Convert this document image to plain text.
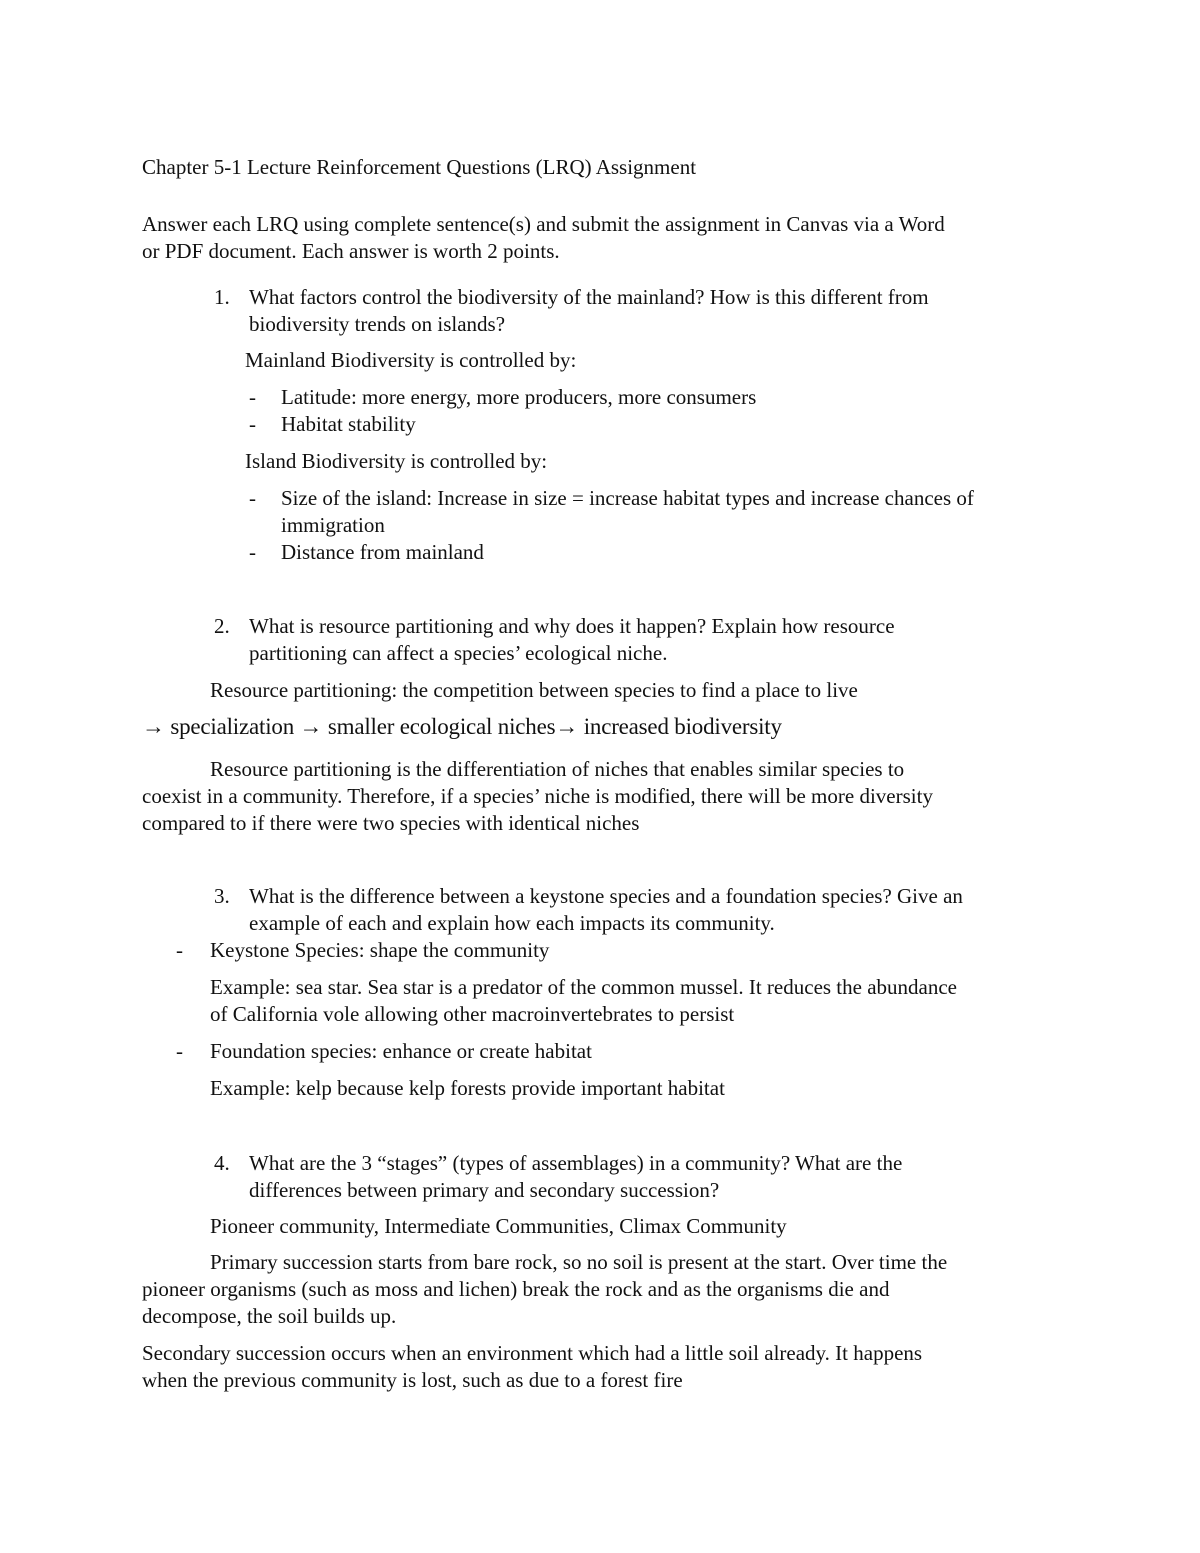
Chapter 5-1 Lecture Reinforcement Questions (LRQ) Assignment

Answer each LRQ using complete sentence(s) and submit the assignment in Canvas via a Word

or PDF document. Each answer is worth 2 points.

1. What factors control the biodiversity of the mainland? How is this different from

biodiversity trends on islands?

Mainland Biodiversity is controlled by:

- Latitude: more energy, more producers, more consumers

- Habitat stability

Island Biodiversity is controlled by:

- Size of the island: Increase in size = increase habitat types and increase chances of

immigration

- Distance from mainland

2. What is resource partitioning and why does it happen? Explain how resource

partitioning can affect a species’ ecological niche.

Resource partitioning: the competition between species to find a place to live

→ specialization → smaller ecological niches→ increased biodiversity

Resource partitioning is the differentiation of niches that enables similar species to

coexist in a community. Therefore, if a species’ niche is modified, there will be more diversity

compared to if there were two species with identical niches

3. What is the difference between a keystone species and a foundation species? Give an

example of each and explain how each impacts its community.

- Keystone Species: shape the community

Example: sea star. Sea star is a predator of the common mussel. It reduces the abundance

of California vole allowing other macroinvertebrates to persist

- Foundation species: enhance or create habitat

Example: kelp because kelp forests provide important habitat

4. What are the 3 “stages” (types of assemblages) in a community? What are the

differences between primary and secondary succession?

Pioneer community, Intermediate Communities, Climax Community

Primary succession starts from bare rock, so no soil is present at the start. Over time the

pioneer organisms (such as moss and lichen) break the rock and as the organisms die and

decompose, the soil builds up.

Secondary succession occurs when an environment which had a little soil already. It happens

when the previous community is lost, such as due to a forest fire
